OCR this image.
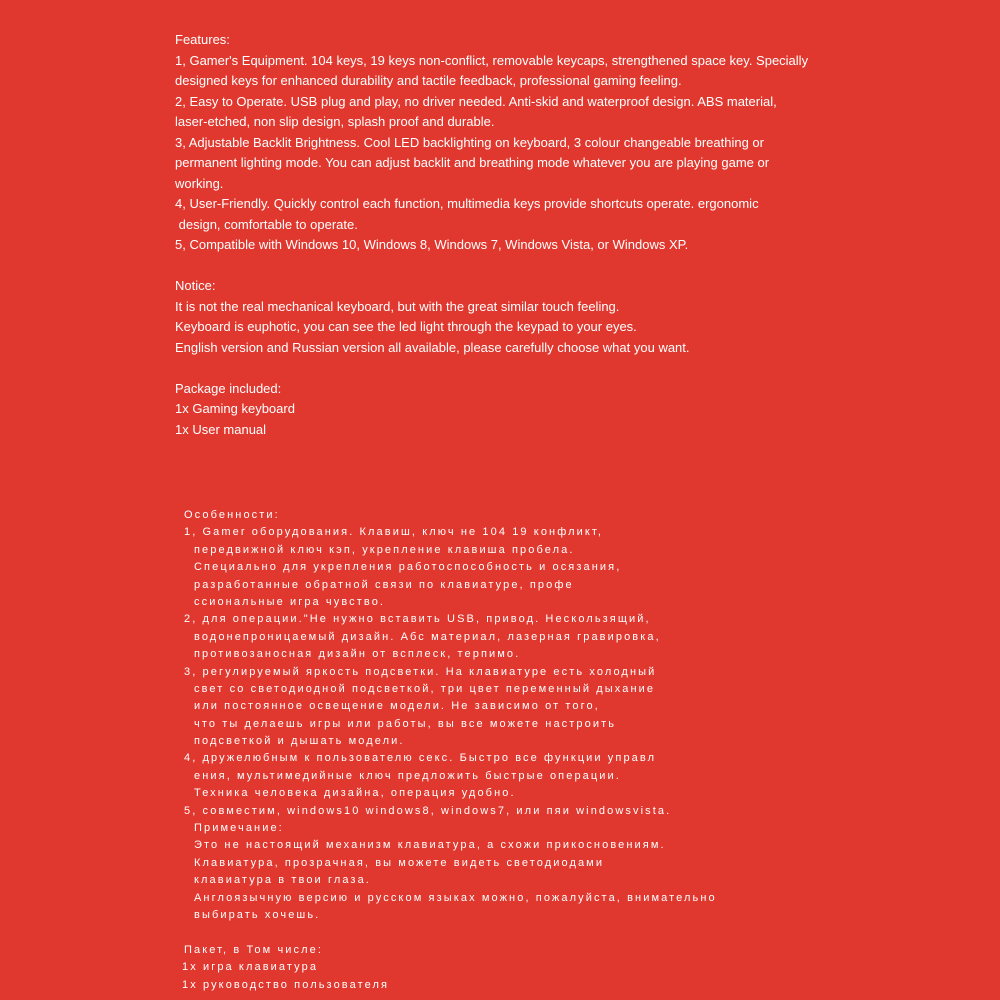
Features:
1, Gamer's Equipment. 104 keys, 19 keys non-conflict, removable keycaps, strengthened space key. Specially
designed keys for enhanced durability and tactile feedback, professional gaming feeling.
2, Easy to Operate. USB plug and play, no driver needed. Anti-skid and waterproof design. ABS material,
laser-etched, non slip design, splash proof and durable.
3, Adjustable Backlit Brightness. Cool LED backlighting on keyboard, 3 colour changeable breathing or
permanent lighting mode. You can adjust backlit and breathing mode whatever you are playing game or
working.
4, User-Friendly. Quickly control each function, multimedia keys provide shortcuts operate. ergonomic
design, comfortable to operate.
5, Compatible with Windows 10, Windows 8, Windows 7, Windows Vista, or Windows XP.
Notice:
It is not the real mechanical keyboard, but with the great similar touch feeling.
Keyboard is euphotic, you can see the led light through the keypad to your eyes.
English version and Russian version all available, please carefully choose what you want.
Package included:
1x Gaming keyboard
1x User manual
Особенности:
1, Gamer оборудования. Клавиш, ключ не 104 19 конфликт,
передвижной ключ кэп, укрепление клавиша пробела.
Специально для укрепления работоспособность и осязания,
разработанные обратной связи по клавиатуре, профе
ссиональные игра чувство.
2, для операции."Не нужно вставить USB, привод. Нескользящий,
водонепроницаемый дизайн. Абс материал, лазерная гравировка,
противозаносная дизайн от всплеск, терпимо.
3, регулируемый яркость подсветки. На клавиатуре есть холодный
свет со светодиодной подсветкой, три цвет переменный дыхание
или постоянное освещение модели. Не зависимо от того,
что ты делаешь игры или работы, вы все можете настроить
подсветкой и дышать модели.
4, дружелюбным к пользователю секс. Быстро все функции управл
ения, мультимедийные ключ предложить быстрые операции.
Техника человека дизайна, операция удобно.
5, совместим, windows10 windows8, windows7, или пяи windowsvista.
Примечание:
Это не настоящий механизм клавиатура, а схожи прикосновениям.
Клавиатура, прозрачная, вы можете видеть светодиодами
клавиатура в твои глаза.
Англоязычную версию и русском языках можно, пожалуйста, внимательно
выбирать хочешь.
Пакет, в Том числе:
1х игра клавиатура
1х руководство пользователя
